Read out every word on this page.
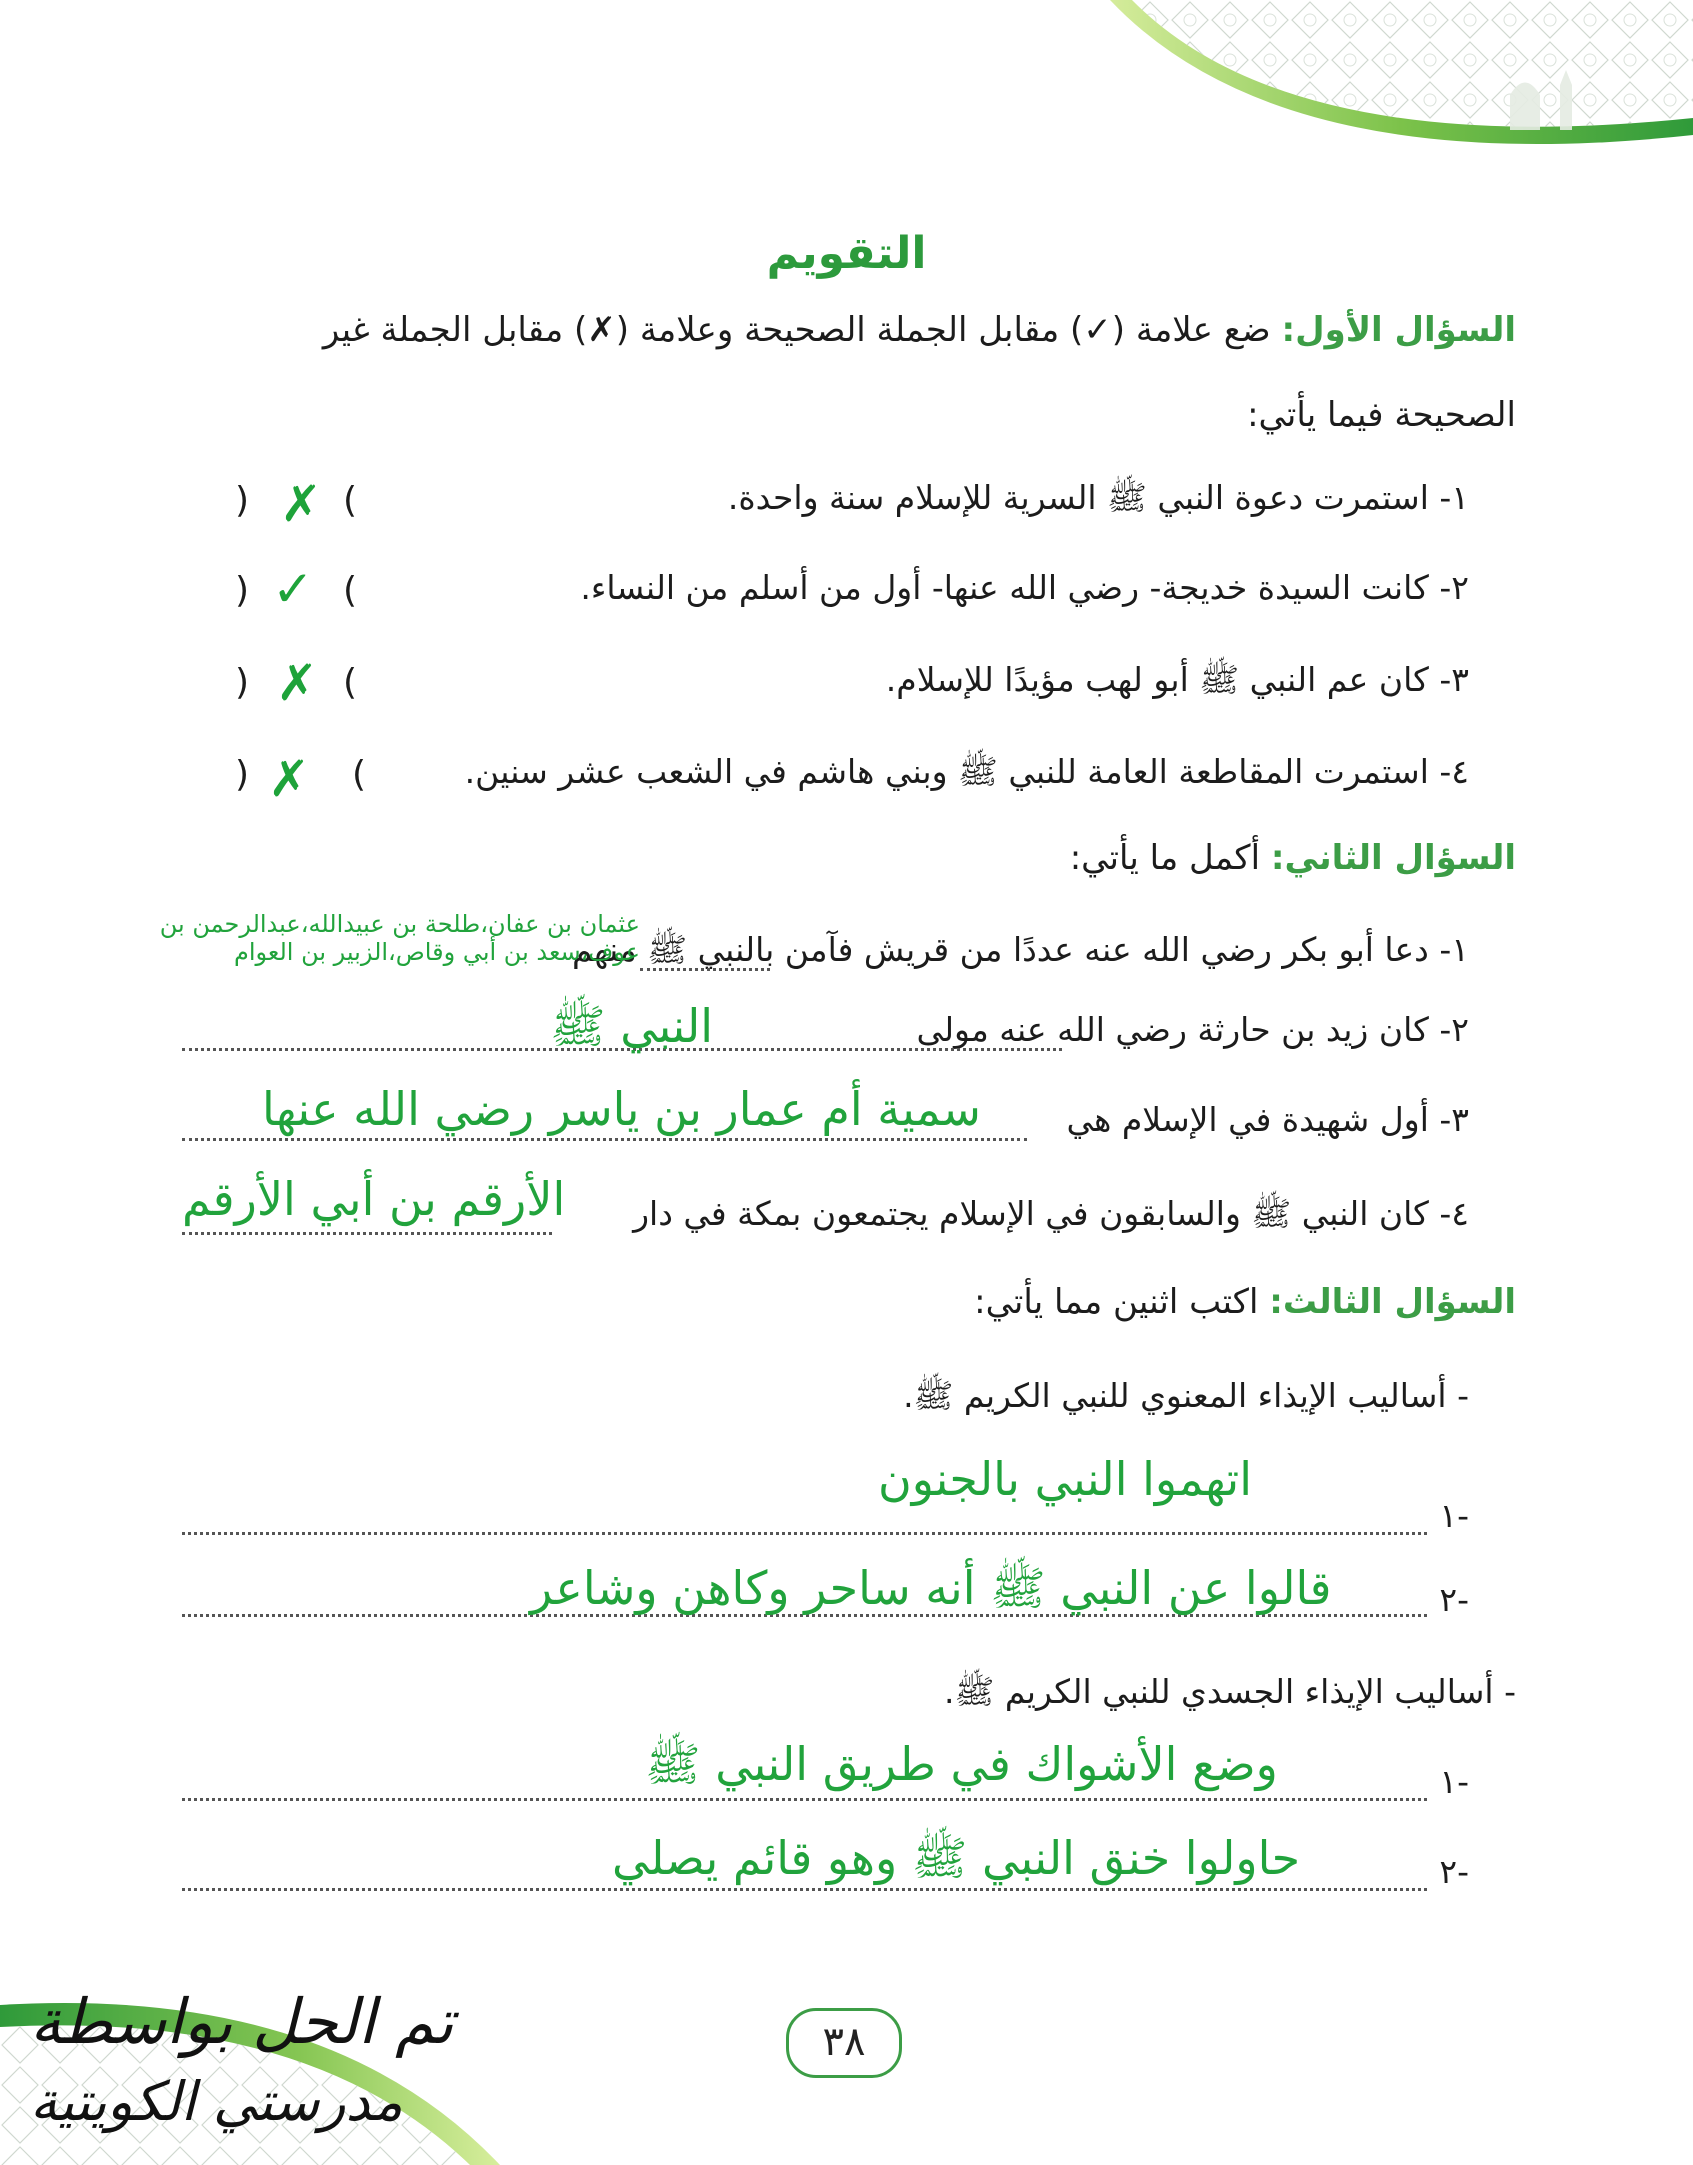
التقويم
السؤال الأول: ضع علامة (✓) مقابل الجملة الصحيحة وعلامة (✗) مقابل الجملة غير
الصحيحة فيما يأتي:
١- استمرت دعوة النبي ﷺ السرية للإسلام سنة واحدة.
٢- كانت السيدة خديجة- رضي الله عنها- أول من أسلم من النساء.
٣- كان عم النبي ﷺ أبو لهب مؤيدًا للإسلام.
٤- استمرت المقاطعة العامة للنبي ﷺ وبني هاشم في الشعب عشر سنين.
(
✗
)
(
✓
)
(
✗
)
(
✗
)
السؤال الثاني: أكمل ما يأتي:
١- دعا أبو بكر رضي الله عنه عددًا من قريش فآمن بالنبي ﷺ منهم
عثمان بن عفان،طلحة بن عبيدالله،عبدالرحمن بن
عوف،سعد بن أبي وقاص،الزبير بن العوام
٢- كان زيد بن حارثة رضي الله عنه مولى
النبي ﷺ
٣- أول شهيدة في الإسلام هي
سمية أم عمار بن ياسر رضي الله عنها
٤- كان النبي ﷺ والسابقون في الإسلام يجتمعون بمكة في دار
الأرقم بن أبي الأرقم
السؤال الثالث: اكتب اثنين مما يأتي:
- أساليب الإيذاء المعنوي للنبي الكريم ﷺ.
١-
اتهموا النبي بالجنون
٢-
قالوا عن النبي ﷺ أنه ساحر وكاهن وشاعر
- أساليب الإيذاء الجسدي للنبي الكريم ﷺ.
١-
وضع الأشواك في طريق النبي ﷺ
٢-
حاولوا خنق النبي ﷺ وهو قائم يصلي
تم الحل بواسطة
مدرستي الكويتية
٣٨
